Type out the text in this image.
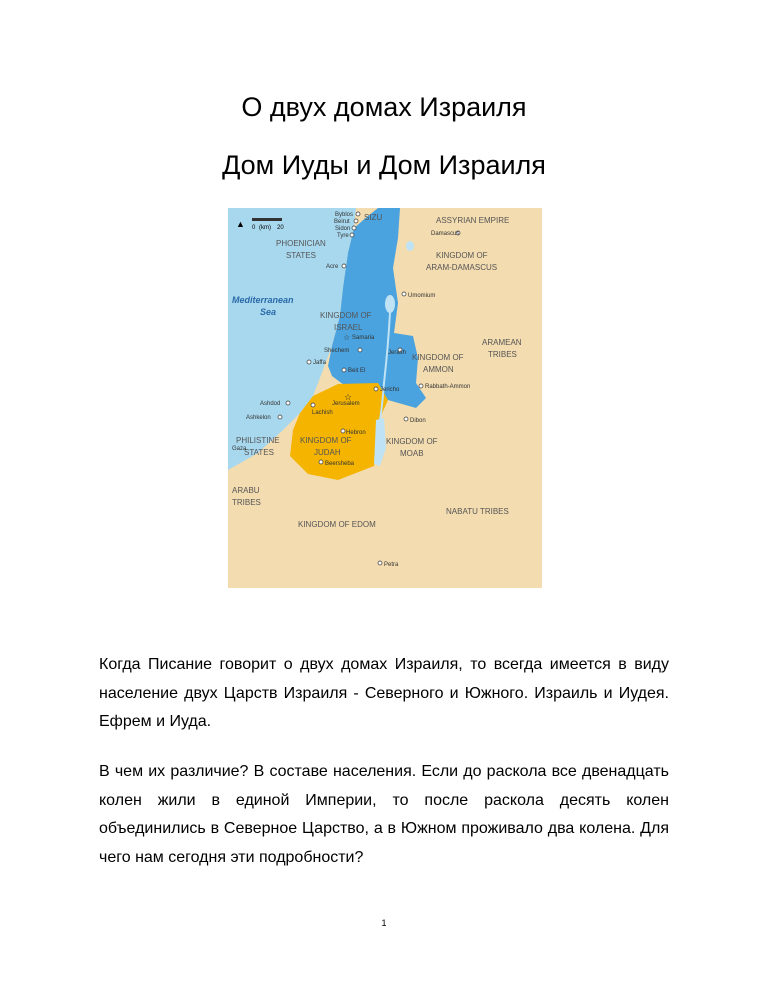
О двух домах Израиля
Дом Иуды и Дом Израиля
▲ 0 (km) 20
SIZU	ASSYRIAN EMPIRE
PHOENICIAN
STATES	KINGDOM OF
ARAM-DAMASCUS
KINGDOM OF
ISRAEL
ARAMEAN
TRIBES
KINGDOM OF
AMMON
PHILISTINE
STATES
KINGDOM OF
JUDAH
KINGDOM OF
MOAB
ARABU
TRIBES
NABATU TRIBES
KINGDOM OF EDOM
Mediterranean
Sea
☆
☆
Byblos
Beirut
Sidon
Tyre	Damascus
Acre
Umomium
Samaria
Shechem	Jerash
Jaffa
Beit El
Jericho	Rabbath-Ammon
Ashdod	Jerusalem
Lachish
Ashkelon
Hebron
Dibon
Gaza
Beersheba
Petra

Когда Писание говорит о двух домах Израиля, то всегда имеется в виду население двух Царств Израиля - Северного и Южного. Израиль и Иудея. Ефрем и Иуда.

В чем их различие? В составе населения. Если до раскола все двенадцать колен жили в единой Империи, то после раскола десять колен объединились в Северное Царство, а в Южном проживало два колена. Для чего нам сегодня эти подробности?

1
